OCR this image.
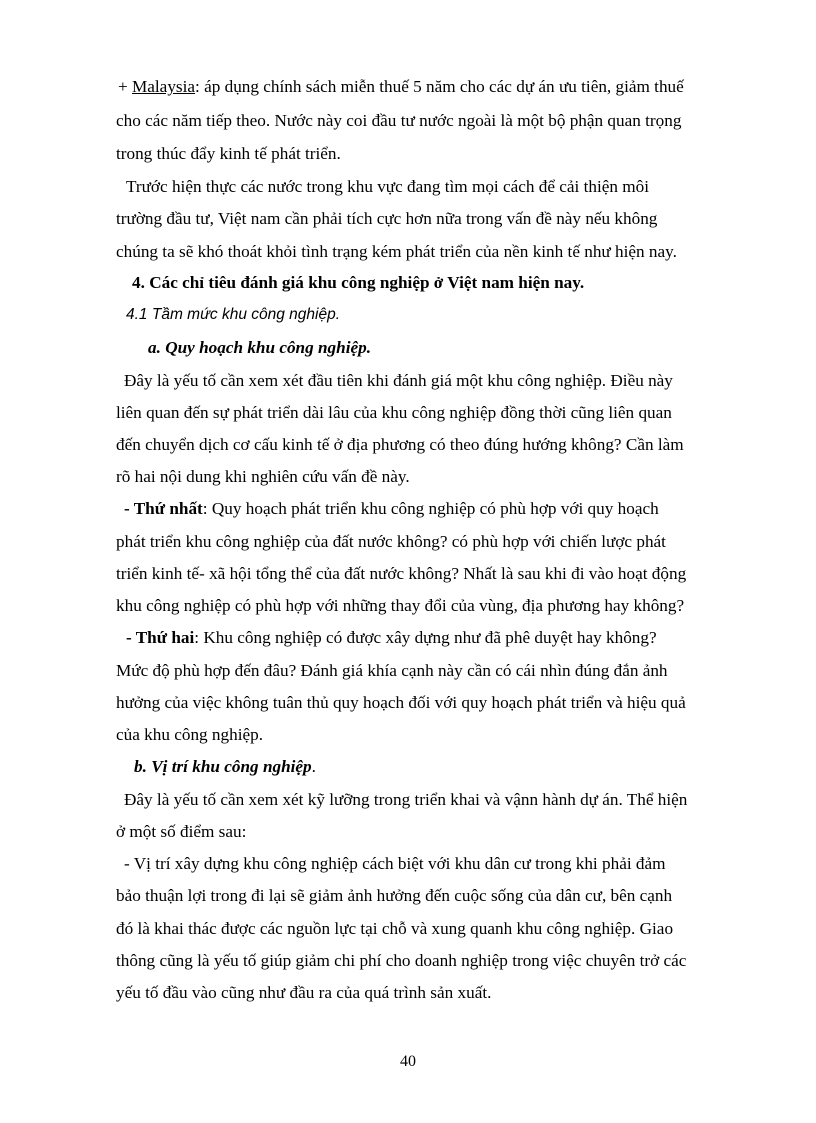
+ Malaysia: áp dụng chính sách miễn thuế 5 năm cho các dự án ưu tiên, giảm thuế
cho các năm tiếp theo. Nước này coi đầu tư nước ngoài là một bộ phận quan trọng
trong thúc đẩy kinh tế phát triển.
Trước hiện thực các nước trong khu vực đang tìm mọi cách để cải thiện môi
trường đầu tư, Việt nam cần phải tích cực hơn nữa trong vấn đề này nếu không
chúng ta sẽ khó thoát khỏi tình trạng kém phát triển của nền kinh tế như hiện nay.
4. Các chỉ tiêu đánh giá khu công nghiệp ở Việt nam hiện nay.
4.1 Tầm mức khu công nghiệp.
a. Quy hoạch khu công nghiệp.
Đây là yếu tố cần xem xét đầu tiên khi đánh giá một khu công nghiệp. Điều này
liên quan đến sự phát triển dài lâu của khu công nghiệp đồng thời cũng liên quan
đến chuyển dịch cơ cấu kinh tế ở địa phương có theo đúng hướng không? Cần làm
rõ hai nội dung khi nghiên cứu vấn đề này.
- Thứ nhất: Quy hoạch phát triển khu công nghiệp có phù hợp với quy hoạch
phát triển khu công nghiệp của đất nước không? có phù hợp với chiến lược phát
triển kinh tế- xã hội tổng thể của đất nước không? Nhất là sau khi đi vào hoạt động
khu công nghiệp có phù hợp với những thay đổi của vùng, địa phương hay không?
- Thứ hai: Khu công nghiệp có được xây dựng như đã phê duyệt hay không?
Mức độ phù hợp đến đâu? Đánh giá khía cạnh này cần có cái nhìn đúng đắn ảnh
hưởng của việc không tuân thủ quy hoạch đối với quy hoạch phát triển và hiệu quả
của khu công nghiệp.
b. Vị trí khu công nghiệp.
Đây là yếu tố cần xem xét kỹ lưỡng trong triển khai và vậnn hành dự án. Thể hiện
ở một số điểm sau:
- Vị trí xây dựng khu công nghiệp cách biệt với khu dân cư trong khi phải đảm
bảo thuận lợi trong đi lại sẽ giảm ảnh hưởng đến cuộc sống của dân cư, bên cạnh
đó là khai thác được các nguồn lực tại chỗ và xung quanh khu công nghiệp. Giao
thông cũng là yếu tố giúp giảm chi phí cho doanh nghiệp trong việc chuyên trở các
yếu tố đầu vào cũng như đầu ra của quá trình sản xuất.
40
